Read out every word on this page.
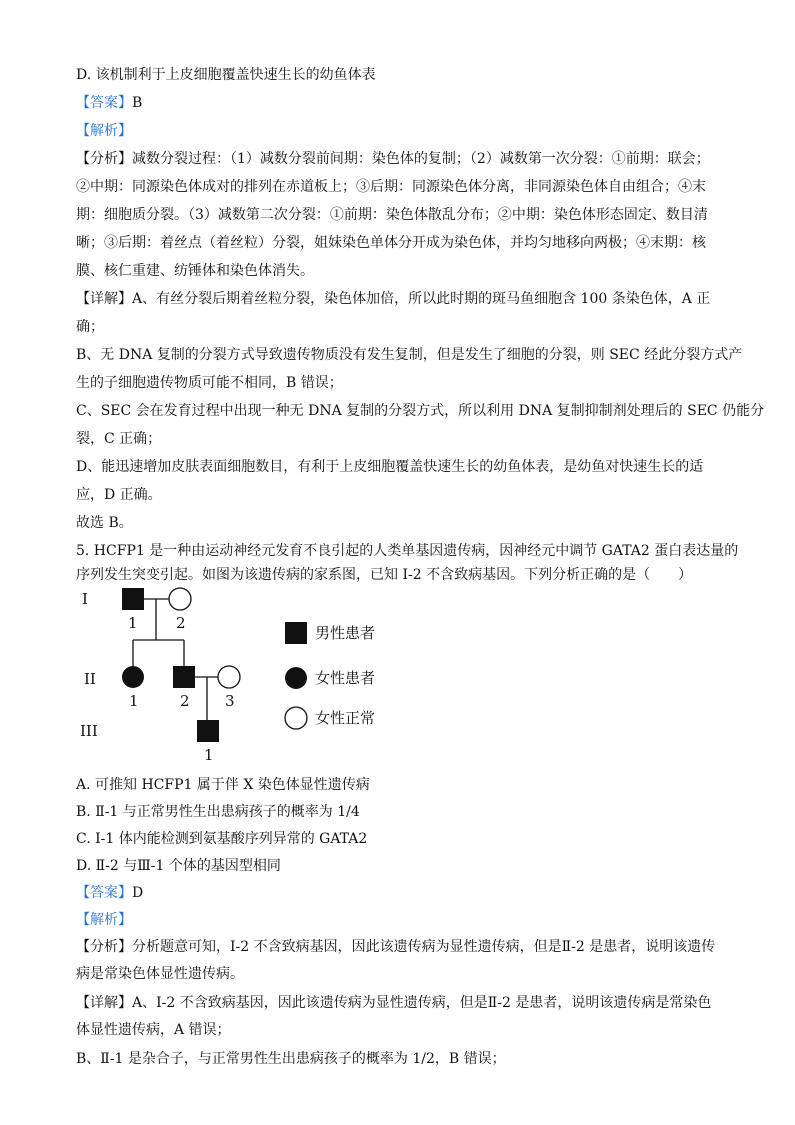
D. 该机制利于上皮细胞覆盖快速生长的幼鱼体表
【答案】B
【解析】
【分析】减数分裂过程：（1）减数分裂前间期：染色体的复制；（2）减数第一次分裂：①前期：联会；
②中期：同源染色体成对的排列在赤道板上；③后期：同源染色体分离，非同源染色体自由组合；④末
期：细胞质分裂。（3）减数第二次分裂：①前期：染色体散乱分布；②中期：染色体形态固定、数目清
晰；③后期：着丝点（着丝粒）分裂，姐妹染色单体分开成为染色体，并均匀地移向两极；④末期：核
膜、核仁重建、纺锤体和染色体消失。
【详解】A、有丝分裂后期着丝粒分裂，染色体加倍，所以此时期的斑马鱼细胞含 100 条染色体，A 正
确；
B、无 DNA 复制的分裂方式导致遗传物质没有发生复制，但是发生了细胞的分裂，则 SEC 经此分裂方式产
生的子细胞遗传物质可能不相同，B 错误；
C、SEC 会在发育过程中出现一种无 DNA 复制的分裂方式，所以利用 DNA 复制抑制剂处理后的 SEC 仍能分
裂，C 正确；
D、能迅速增加皮肤表面细胞数目，有利于上皮细胞覆盖快速生长的幼鱼体表，是幼鱼对快速生长的适
应，D 正确。
故选 B。
5. HCFP1 是一种由运动神经元发育不良引起的人类单基因遗传病，因神经元中调节 GATA2 蛋白表达量的
序列发生突变引起。如图为该遗传病的家系图，已知 I-2 不含致病基因。下列分析正确的是（　　）
I
II
III
1	2
1	2 3
1
男性患者
女性患者
女性正常
A. 可推知 HCFP1 属于伴 X 染色体显性遗传病
B. Ⅱ-1 与正常男性生出患病孩子的概率为 1/4
C. I-1 体内能检测到氨基酸序列异常的 GATA2
D. Ⅱ-2 与Ⅲ-1 个体的基因型相同
【答案】D
【解析】
【分析】分析题意可知，I-2 不含致病基因，因此该遗传病为显性遗传病，但是Ⅱ-2 是患者，说明该遗传
病是常染色体显性遗传病。
【详解】A、I-2 不含致病基因，因此该遗传病为显性遗传病，但是Ⅱ-2 是患者，说明该遗传病是常染色
体显性遗传病，A 错误；
B、Ⅱ-1 是杂合子，与正常男性生出患病孩子的概率为 1/2，B 错误；
